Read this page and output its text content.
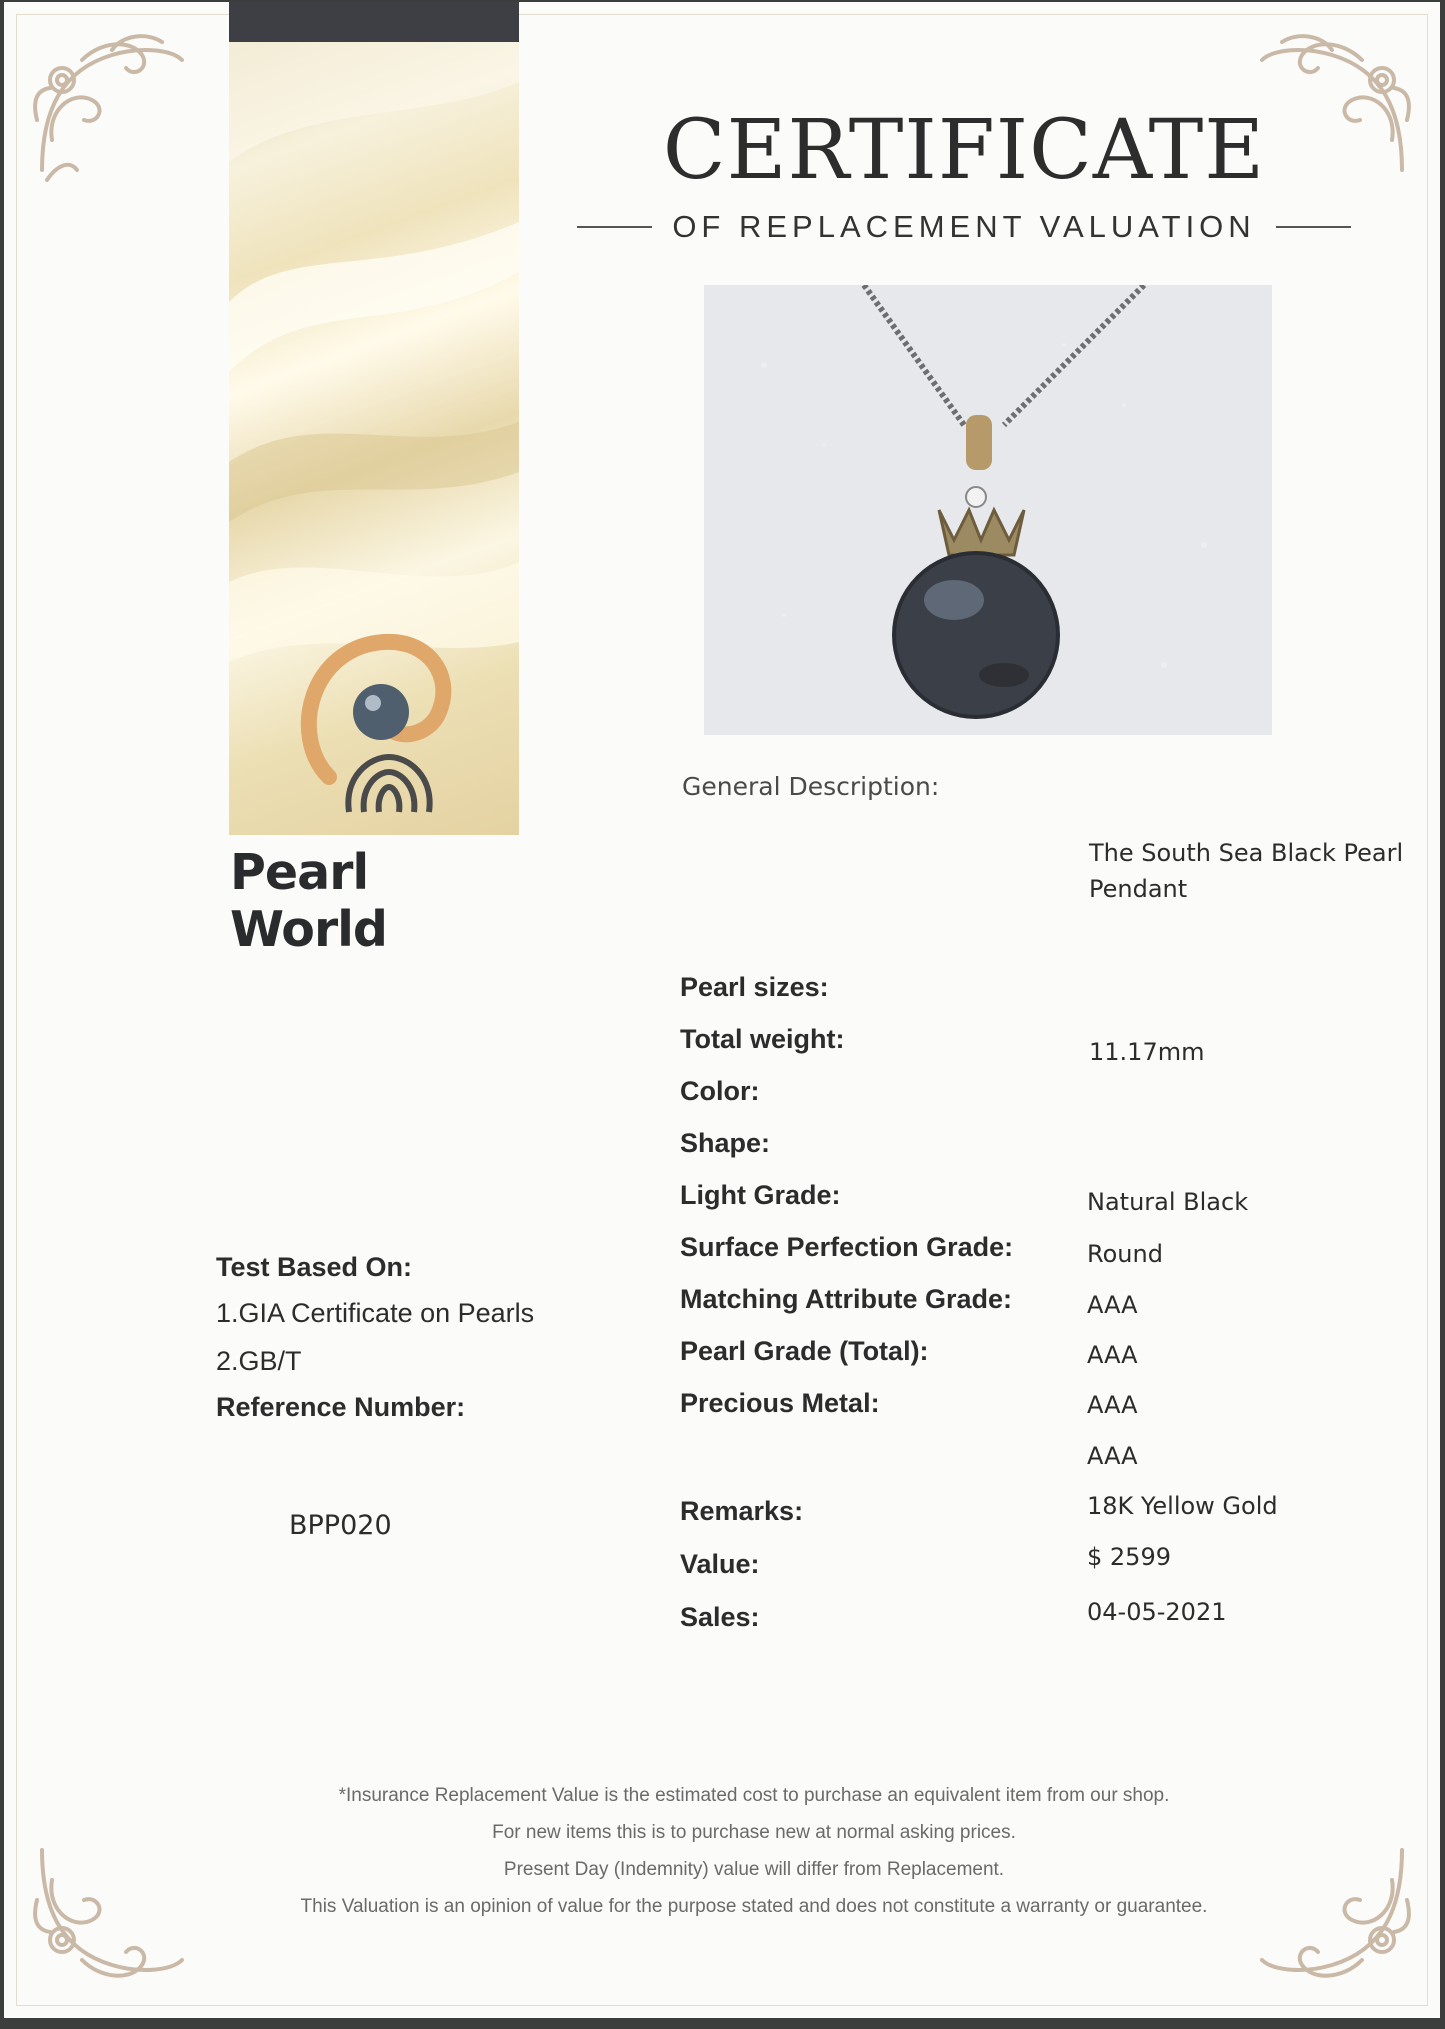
Pearl World
CERTIFICATE
OF REPLACEMENT VALUATION
General Description:
The South Sea Black Pearl Pendant
Pearl sizes:
Total weight:
Color:
Shape:
Light Grade:
Surface Perfection Grade:
Matching Attribute Grade:
Pearl Grade (Total):
Precious Metal:
Remarks:
Value:
Sales:
11.17mm
Natural Black
Round
AAA
AAA
AAA
AAA
18K Yellow Gold
$ 2599
04-05-2021
Test Based On:
1.GIA Certificate on Pearls
2.GB/T
Reference Number:
BPP020
*Insurance Replacement Value is the estimated cost to purchase an equivalent item from our shop.
For new items this is to purchase new at normal asking prices.
Present Day (Indemnity) value will differ from Replacement.
This Valuation is an opinion of value for the purpose stated and does not constitute a warranty or guarantee.
